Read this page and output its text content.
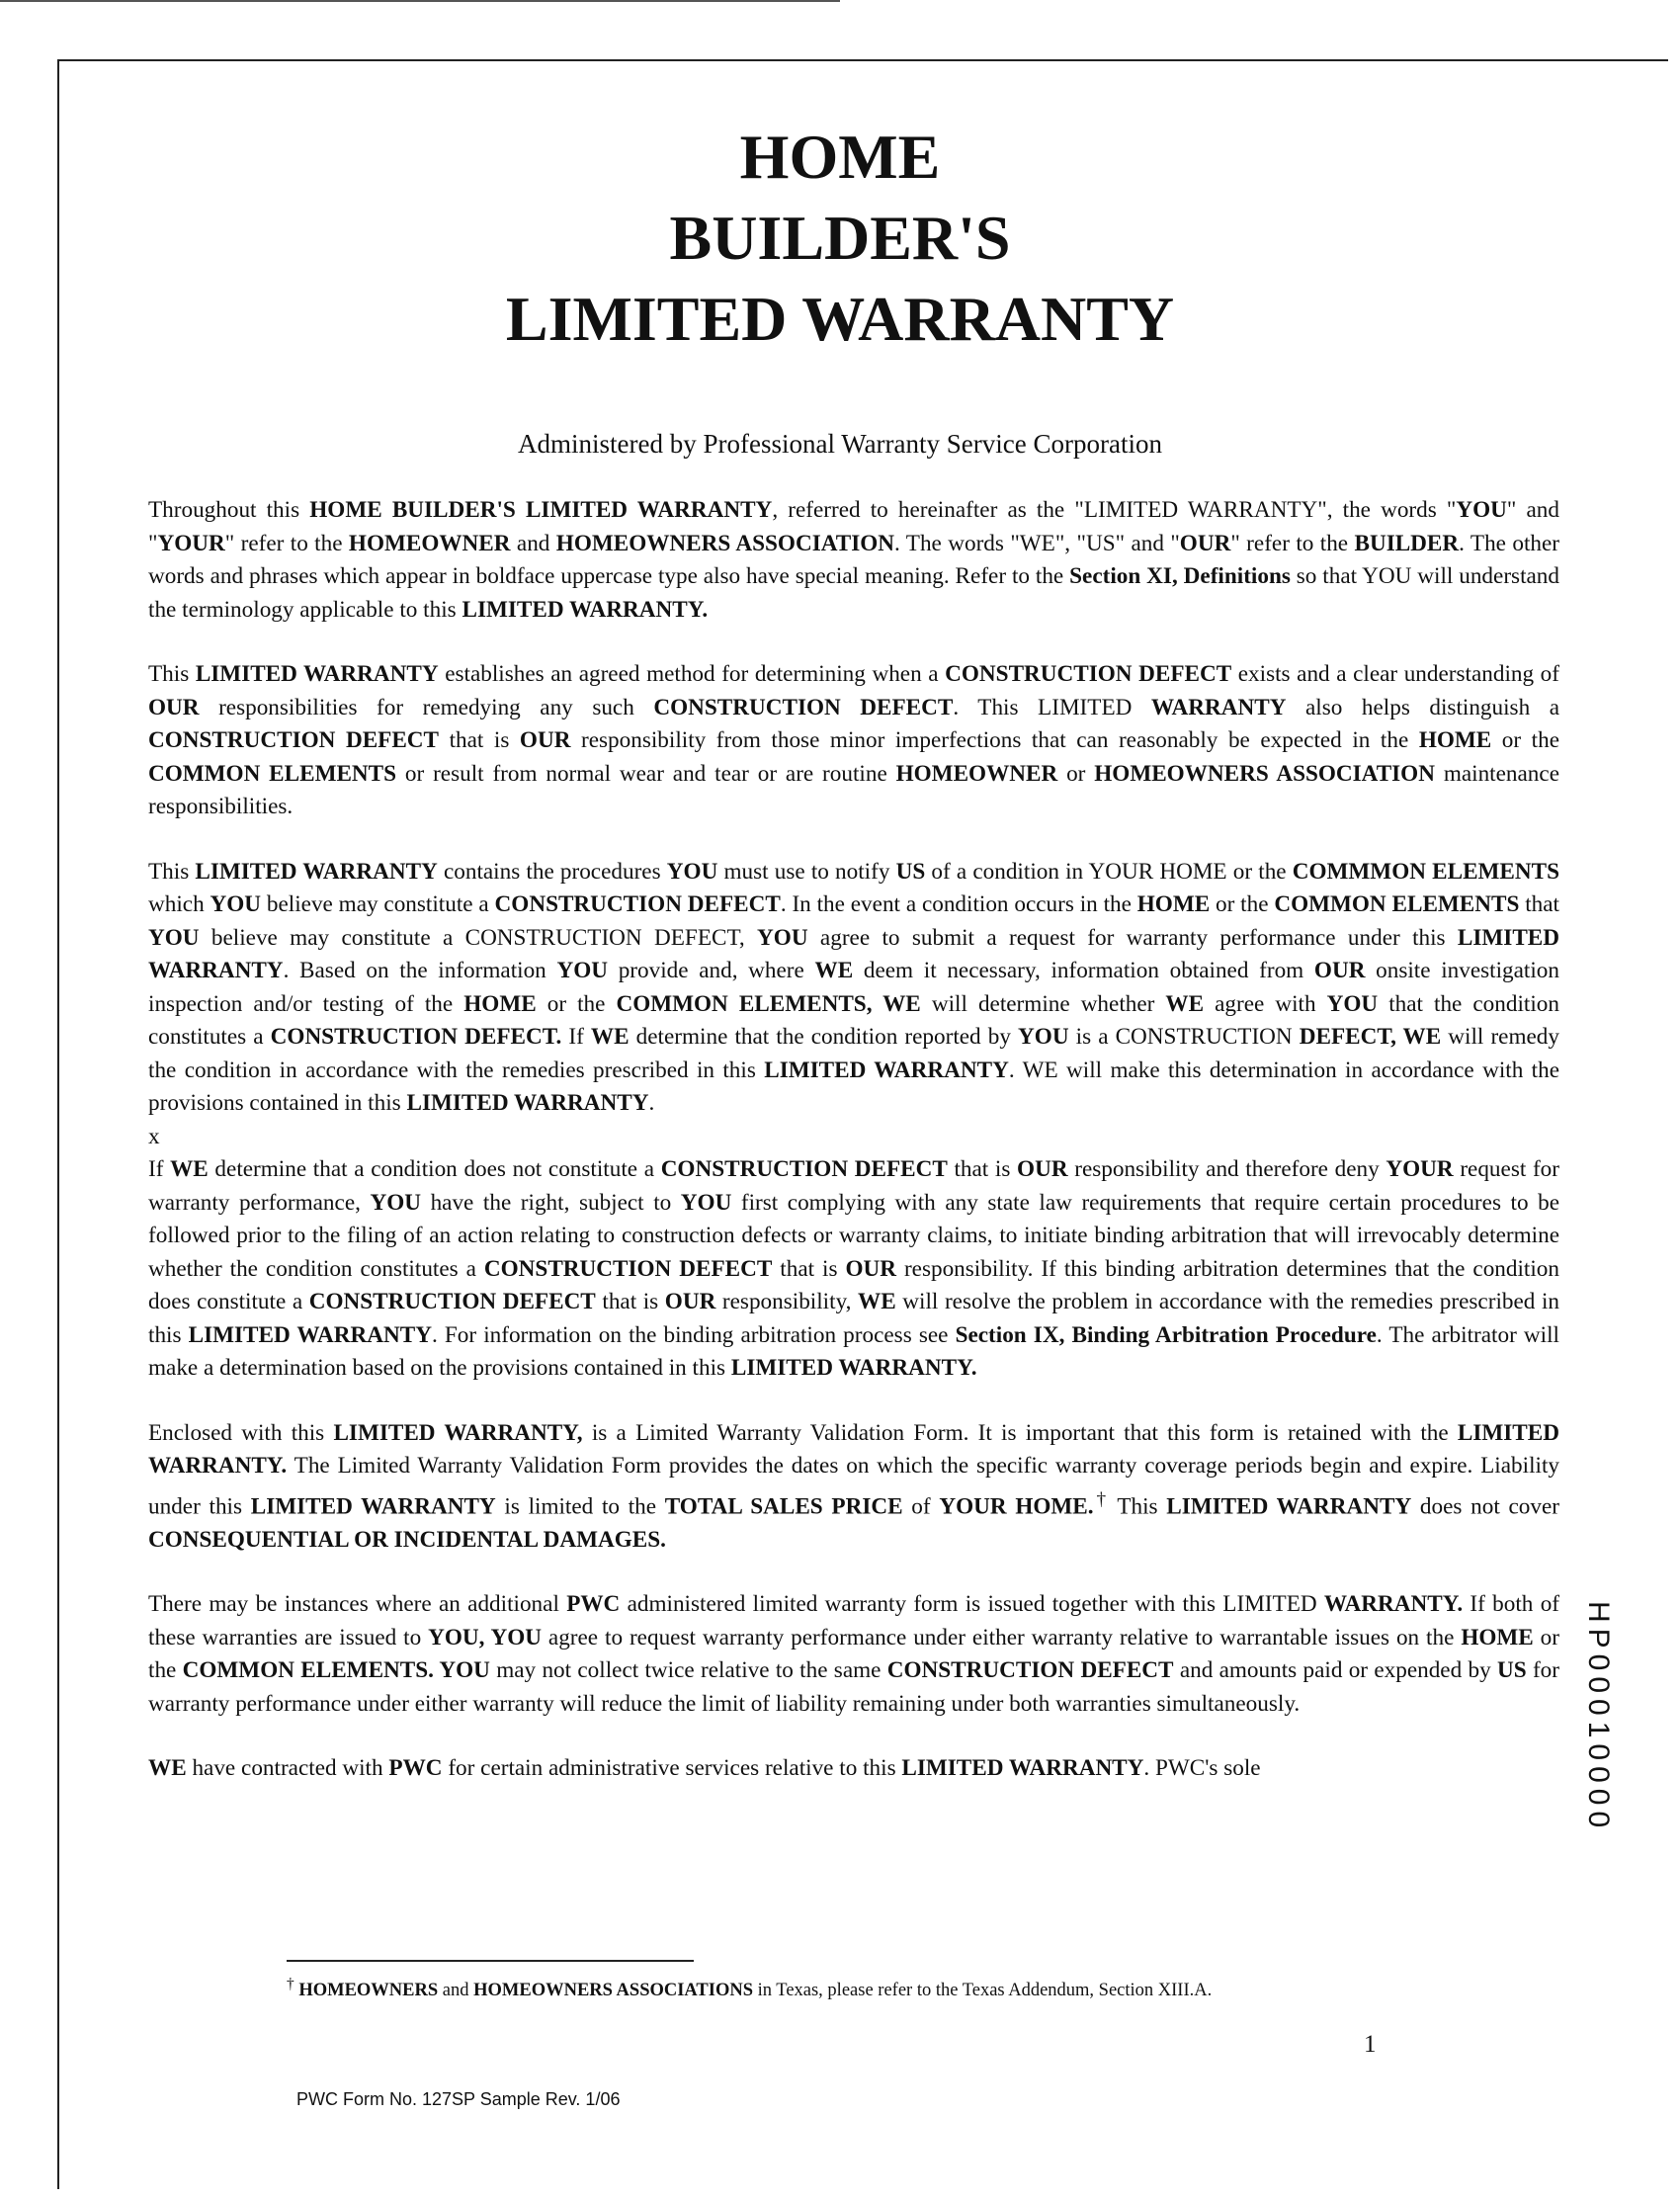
HOME
BUILDER'S
LIMITED WARRANTY
Administered by Professional Warranty Service Corporation

Throughout this HOME BUILDER'S LIMITED WARRANTY, referred to hereinafter as the "LIMITED WARRANTY", the words "YOU" and "YOUR" refer to the HOMEOWNER and HOMEOWNERS ASSOCIATION. The words "WE", "US" and "OUR" refer to the BUILDER. The other words and phrases which appear in boldface uppercase type also have special meaning. Refer to the Section XI, Definitions so that YOU will understand the terminology applicable to this LIMITED WARRANTY.

This LIMITED WARRANTY establishes an agreed method for determining when a CONSTRUCTION DEFECT exists and a clear understanding of OUR responsibilities for remedying any such CONSTRUCTION DEFECT. This LIMITED WARRANTY also helps distinguish a CONSTRUCTION DEFECT that is OUR responsibility from those minor imperfections that can reasonably be expected in the HOME or the COMMON ELEMENTS or result from normal wear and tear or are routine HOMEOWNER or HOMEOWNERS ASSOCIATION maintenance responsibilities.

This LIMITED WARRANTY contains the procedures YOU must use to notify US of a condition in YOUR HOME or the COMMMON ELEMENTS which YOU believe may constitute a CONSTRUCTION DEFECT. In the event a condition occurs in the HOME or the COMMON ELEMENTS that YOU believe may constitute a CONSTRUCTION DEFECT, YOU agree to submit a request for warranty performance under this LIMITED WARRANTY. Based on the information YOU provide and, where WE deem it necessary, information obtained from OUR onsite investigation inspection and/or testing of the HOME or the COMMON ELEMENTS, WE will determine whether WE agree with YOU that the condition constitutes a CONSTRUCTION DEFECT. If WE determine that the condition reported by YOU is a CONSTRUCTION DEFECT, WE will remedy the condition in accordance with the remedies prescribed in this LIMITED WARRANTY. WE will make this determination in accordance with the provisions contained in this LIMITED WARRANTY.

x

If WE determine that a condition does not constitute a CONSTRUCTION DEFECT that is OUR responsibility and therefore deny YOUR request for warranty performance, YOU have the right, subject to YOU first complying with any state law requirements that require certain procedures to be followed prior to the filing of an action relating to construction defects or warranty claims, to initiate binding arbitration that will irrevocably determine whether the condition constitutes a CONSTRUCTION DEFECT that is OUR responsibility. If this binding arbitration determines that the condition does constitute a CONSTRUCTION DEFECT that is OUR responsibility, WE will resolve the problem in accordance with the remedies prescribed in this LIMITED WARRANTY. For information on the binding arbitration process see Section IX, Binding Arbitration Procedure. The arbitrator will make a determination based on the provisions contained in this LIMITED WARRANTY.

Enclosed with this LIMITED WARRANTY, is a Limited Warranty Validation Form. It is important that this form is retained with the LIMITED WARRANTY. The Limited Warranty Validation Form provides the dates on which the specific warranty coverage periods begin and expire. Liability under this LIMITED WARRANTY is limited to the TOTAL SALES PRICE of YOUR HOME.† This LIMITED WARRANTY does not cover CONSEQUENTIAL OR INCIDENTAL DAMAGES.

There may be instances where an additional PWC administered limited warranty form is issued together with this LIMITED WARRANTY. If both of these warranties are issued to YOU, YOU agree to request warranty performance under either warranty relative to warrantable issues on the HOME or the COMMON ELEMENTS. YOU may not collect twice relative to the same CONSTRUCTION DEFECT and amounts paid or expended by US for warranty performance under either warranty will reduce the limit of liability remaining under both warranties simultaneously.

WE have contracted with PWC for certain administrative services relative to this LIMITED WARRANTY. PWC's sole

† HOMEOWNERS and HOMEOWNERS ASSOCIATIONS in Texas, please refer to the Texas Addendum, Section XIII.A.
1
PWC Form No. 127SP Sample Rev. 1/06
HP00010000
